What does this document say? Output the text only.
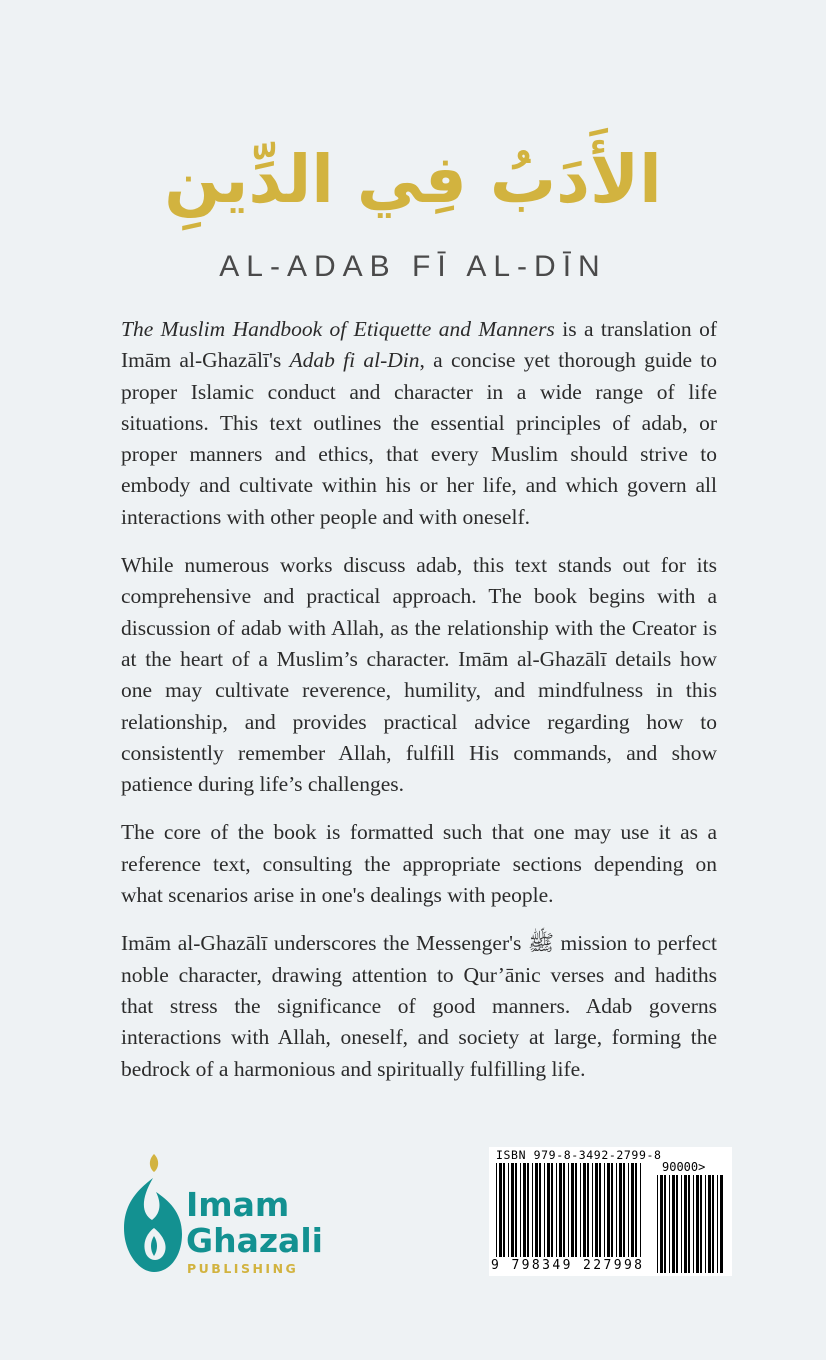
الأَدَبُ فِي الدِّينِ
AL-ADAB FĪ AL-DĪN

The Muslim Handbook of Etiquette and Manners is a translation of Imām al-Ghazālī's Adab fi al-Din, a concise yet thorough guide to proper Islamic conduct and character in a wide range of life situations. This text outlines the essential principles of adab, or proper manners and ethics, that every Muslim should strive to embody and cultivate within his or her life, and which govern all interactions with other people and with oneself.

While numerous works discuss adab, this text stands out for its comprehensive and practical approach. The book begins with a discussion of adab with Allah, as the relationship with the Creator is at the heart of a Muslim’s character. Imām al-Ghazālī details how one may cultivate reverence, humility, and mindfulness in this relationship, and provides practical advice regarding how to consistently remember Allah, fulfill His commands, and show patience during life’s challenges.

The core of the book is formatted such that one may use it as a reference text, consulting the appropriate sections depending on what scenarios arise in one's dealings with people.

Imām al-Ghazālī underscores the Messenger's ﷺ mission to perfect noble character, drawing attention to Qur’ānic verses and hadiths that stress the significance of good manners. Adab governs interactions with Allah, oneself, and society at large, forming the bedrock of a harmonious and spiritually fulfilling life.

Imam
Ghazali
PUBLISHING
ISBN 979-8-3492-2799-8
90000>
9 798349 227998
